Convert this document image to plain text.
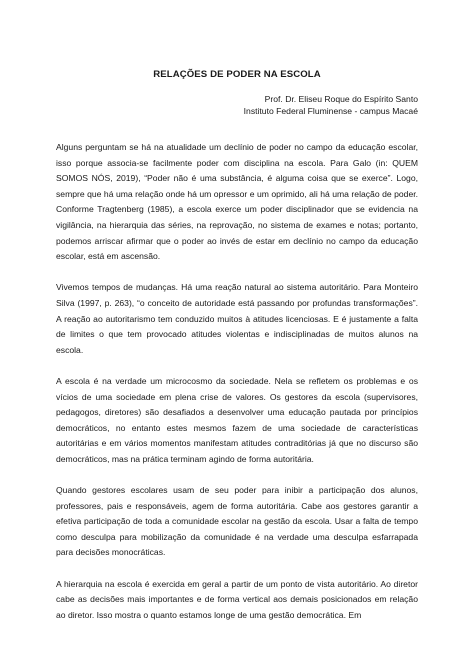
RELAÇÕES DE PODER NA ESCOLA
Prof. Dr. Eliseu Roque do Espírito Santo
Instituto Federal Fluminense - campus Macaé

Alguns perguntam se há na atualidade um declínio de poder no campo da educação escolar, isso porque associa-se facilmente poder com disciplina na escola. Para Galo (in: QUEM SOMOS NÓS, 2019), “Poder não é uma substância, é alguma coisa que se exerce”. Logo, sempre que há uma relação onde há um opressor e um oprimido, ali há uma relação de poder. Conforme Tragtenberg (1985), a escola exerce um poder disciplinador que se evidencia na vigilância, na hierarquia das séries, na reprovação, no sistema de exames e notas; portanto, podemos arriscar afirmar que o poder ao invés de estar em declínio no campo da educação escolar, está em ascensão.

Vivemos tempos de mudanças. Há uma reação natural ao sistema autoritário. Para Monteiro Silva (1997, p. 263), “o conceito de autoridade está passando por profundas transformações”. A reação ao autoritarismo tem conduzido muitos à atitudes licenciosas. E é justamente a falta de limites o que tem provocado atitudes violentas e indisciplinadas de muitos alunos na escola.

A escola é na verdade um microcosmo da sociedade. Nela se refletem os problemas e os vícios de uma sociedade em plena crise de valores. Os gestores da escola (supervisores, pedagogos, diretores) são desafiados a desenvolver uma educação pautada por princípios democráticos, no entanto estes mesmos fazem de uma sociedade de características autoritárias e em vários momentos manifestam atitudes contraditórias já que no discurso são democráticos, mas na prática terminam agindo de forma autoritária.

Quando gestores escolares usam de seu poder para inibir a participação dos alunos, professores, pais e responsáveis, agem de forma autoritária. Cabe aos gestores garantir a efetiva participação de toda a comunidade escolar na gestão da escola. Usar a falta de tempo como desculpa para mobilização da comunidade é na verdade uma desculpa esfarrapada para decisões monocráticas.

A hierarquia na escola é exercida em geral a partir de um ponto de vista autoritário. Ao diretor cabe as decisões mais importantes e de forma vertical aos demais posicionados em relação ao diretor. Isso mostra o quanto estamos longe de uma gestão democrática. Em
